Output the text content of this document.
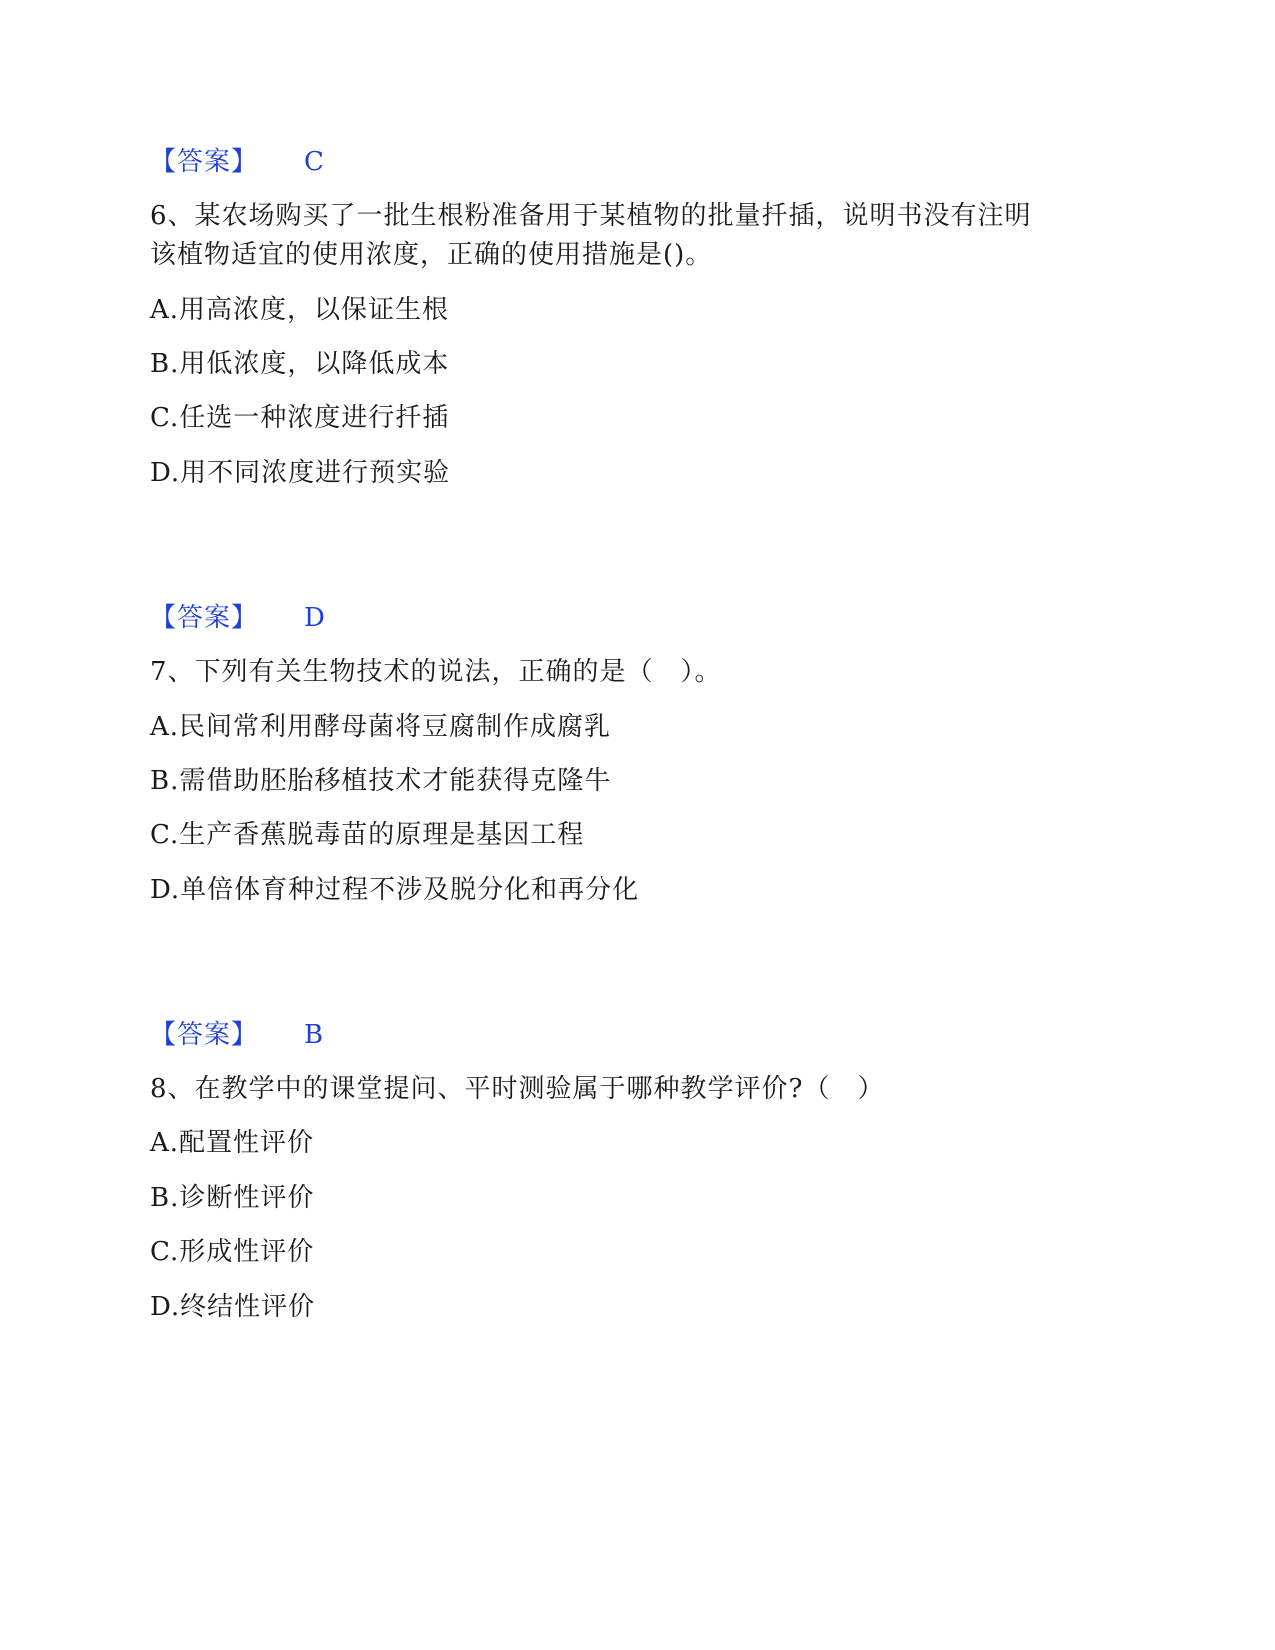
【答案】 C
6、某农场购买了一批生根粉准备用于某植物的批量扦插，说明书没有注明
该植物适宜的使用浓度，正确的使用措施是()。
A.用高浓度，以保证生根
B.用低浓度，以降低成本
C.任选一种浓度进行扦插
D.用不同浓度进行预实验
【答案】 D
7、下列有关生物技术的说法，正确的是（　）。
A.民间常利用酵母菌将豆腐制作成腐乳
B.需借助胚胎移植技术才能获得克隆牛
C.生产香蕉脱毒苗的原理是基因工程
D.单倍体育种过程不涉及脱分化和再分化
【答案】 B
8、在教学中的课堂提问、平时测验属于哪种教学评价?（　）
A.配置性评价
B.诊断性评价
C.形成性评价
D.终结性评价
